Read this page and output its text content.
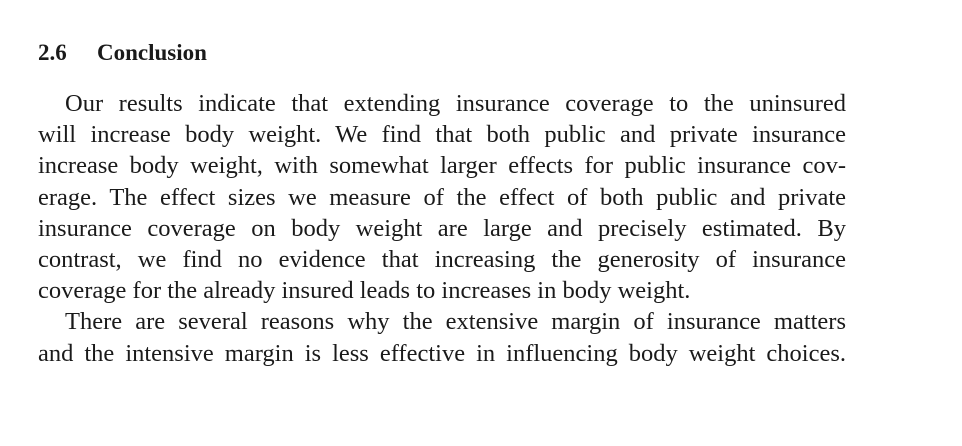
2.6 Conclusion
Our results indicate that extending insurance coverage to the uninsured
will increase body weight. We find that both public and private insurance
increase body weight, with somewhat larger effects for public insurance cov-
erage. The effect sizes we measure of the effect of both public and private
insurance coverage on body weight are large and precisely estimated. By
contrast, we find no evidence that increasing the generosity of insurance
coverage for the already insured leads to increases in body weight.
There are several reasons why the extensive margin of insurance matters
and the intensive margin is less effective in influencing body weight choices.
